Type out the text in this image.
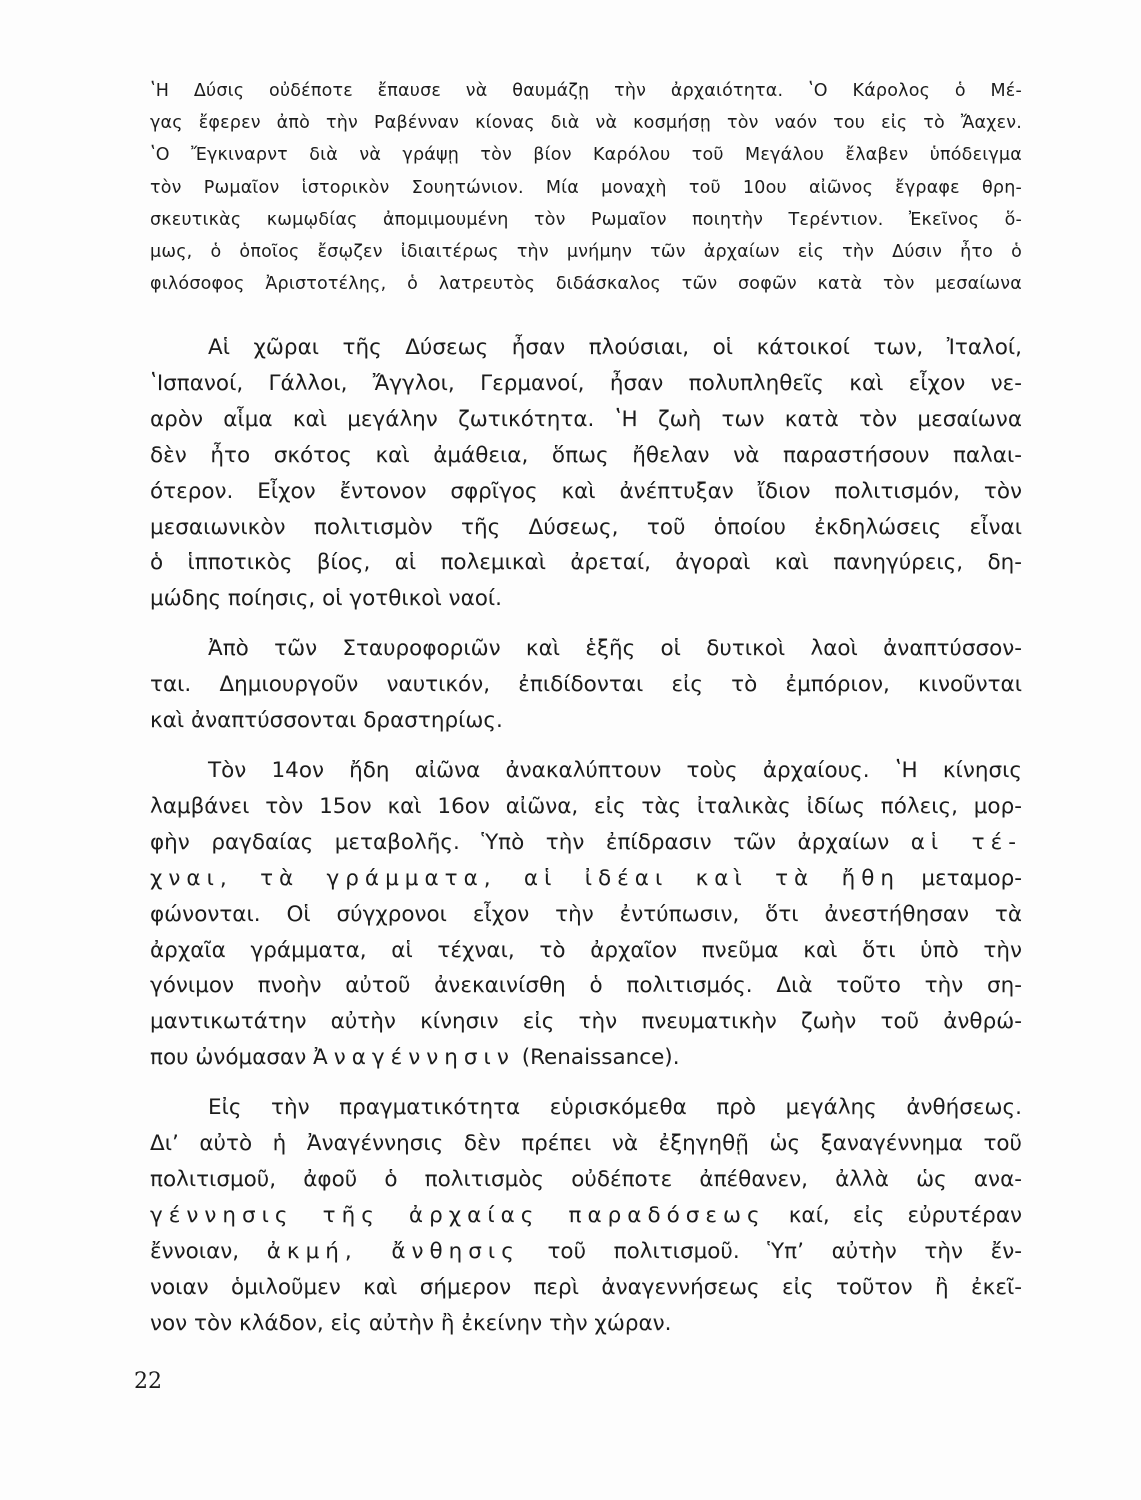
ʽΗ Δύσις οὐδέποτε ἔπαυσε νὰ θαυμάζῃ τὴν ἀρχαιότητα. ʽΟ Κάρολος ὁ Μέ-
γας ἔφερεν ἀπὸ τὴν Ραβένναν κίονας διὰ νὰ κοσμήσῃ τὸν ναόν του εἰς τὸ Ἄαχεν.
ʽΟ Ἔγκιναρντ διὰ νὰ γράψῃ τὸν βίον Καρόλου τοῦ Μεγάλου ἔλαβεν ὑπόδειγμα
τὸν Ρωμαῖον ἱστορικὸν Σουητώνιον. Μία μοναχὴ τοῦ 10ου αἰῶνος ἔγραφε θρη-
σκευτικὰς κωμῳδίας ἀπομιμουμένη τὸν Ρωμαῖον ποιητὴν Τερέντιον. Ἐκεῖνος ὅ-
μως, ὁ ὁποῖος ἔσῳζεν ἰδιαιτέρως τὴν μνήμην τῶν ἀρχαίων εἰς τὴν Δύσιν ἦτο ὁ
φιλόσοφος Ἀριστοτέλης, ὁ λατρευτὸς διδάσκαλος τῶν σοφῶν κατὰ τὸν μεσαίωνα
Αἱ χῶραι τῆς Δύσεως ἦσαν πλούσιαι, οἱ κάτοικοί των, Ἰταλοί,
ʽΙσπανοί, Γάλλοι, Ἄγγλοι, Γερμανοί, ἦσαν πολυπληθεῖς καὶ εἶχον νε-
αρὸν αἷμα καὶ μεγάλην ζωτικότητα. ʽΗ ζωὴ των κατὰ τὸν μεσαίωνα
δὲν ἦτο σκότος καὶ ἀμάθεια, ὅπως ἤθελαν νὰ παραστήσουν παλαι-
ότερον. Εἶχον ἔντονον σφρῖγος καὶ ἀνέπτυξαν ἴδιον πολιτισμόν, τὸν
μεσαιωνικὸν πολιτισμὸν τῆς Δύσεως, τοῦ ὁποίου ἐκδηλώσεις εἶναι
ὁ ἱπποτικὸς βίος, αἱ πολεμικαὶ ἀρεταί, ἀγοραὶ καὶ πανηγύρεις, δη-
μώδης ποίησις, οἱ γοτθικοὶ ναοί.
Ἀπὸ τῶν Σταυροφοριῶν καὶ ἑξῆς οἱ δυτικοὶ λαοὶ ἀναπτύσσον-
ται. Δημιουργοῦν ναυτικόν, ἐπιδίδονται εἰς τὸ ἐμπόριον, κινοῦνται
καὶ ἀναπτύσσονται δραστηρίως.
Τὸν 14ον ἤδη αἰῶνα ἀνακαλύπτουν τοὺς ἀρχαίους. ʽΗ κίνησις
λαμβάνει τὸν 15ον καὶ 16ον αἰῶνα, εἰς τὰς ἰταλικὰς ἰδίως πόλεις, μορ-
φὴν ραγδαίας μεταβολῆς. Ὑπὸ τὴν ἐπίδρασιν τῶν ἀρχαίων αἱ τέ-
χναι, τὰ γράμματα, αἱ ἰδέαι καὶ τὰ ἤθη μεταμορ-
φώνονται. Οἱ σύγχρονοι εἶχον τὴν ἐντύπωσιν, ὅτι ἀνεστήθησαν τὰ
ἀρχαῖα γράμματα, αἱ τέχναι, τὸ ἀρχαῖον πνεῦμα καὶ ὅτι ὑπὸ τὴν
γόνιμον πνοὴν αὐτοῦ ἀνεκαινίσθη ὁ πολιτισμός. Διὰ τοῦτο τὴν ση-
μαντικωτάτην αὐτὴν κίνησιν εἰς τὴν πνευματικὴν ζωὴν τοῦ ἀνθρώ-
που ὠνόμασαν Ἀναγέννησιν (Renaissance).
Εἰς τὴν πραγματικότητα εὑρισκόμεθα πρὸ μεγάλης ἀνθήσεως.
Δι’ αὐτὸ ἡ Ἀναγέννησις δὲν πρέπει νὰ ἐξηγηθῇ ὡς ξαναγέννημα τοῦ
πολιτισμοῦ, ἀφοῦ ὁ πολιτισμὸς οὐδέποτε ἀπέθανεν, ἀλλὰ ὡς ανα-
γέννησις τῆς ἀρχαίας παραδόσεως καί, εἰς εὐρυτέραν
ἔννοιαν, ἀκμή, ἄνθησις τοῦ πολιτισμοῦ. Ὑπ’ αὐτὴν τὴν ἔν-
νοιαν ὁμιλοῦμεν καὶ σήμερον περὶ ἀναγεννήσεως εἰς τοῦτον ἢ ἐκεῖ-
νον τὸν κλάδον, εἰς αὐτὴν ἢ ἐκείνην τὴν χώραν.
22
